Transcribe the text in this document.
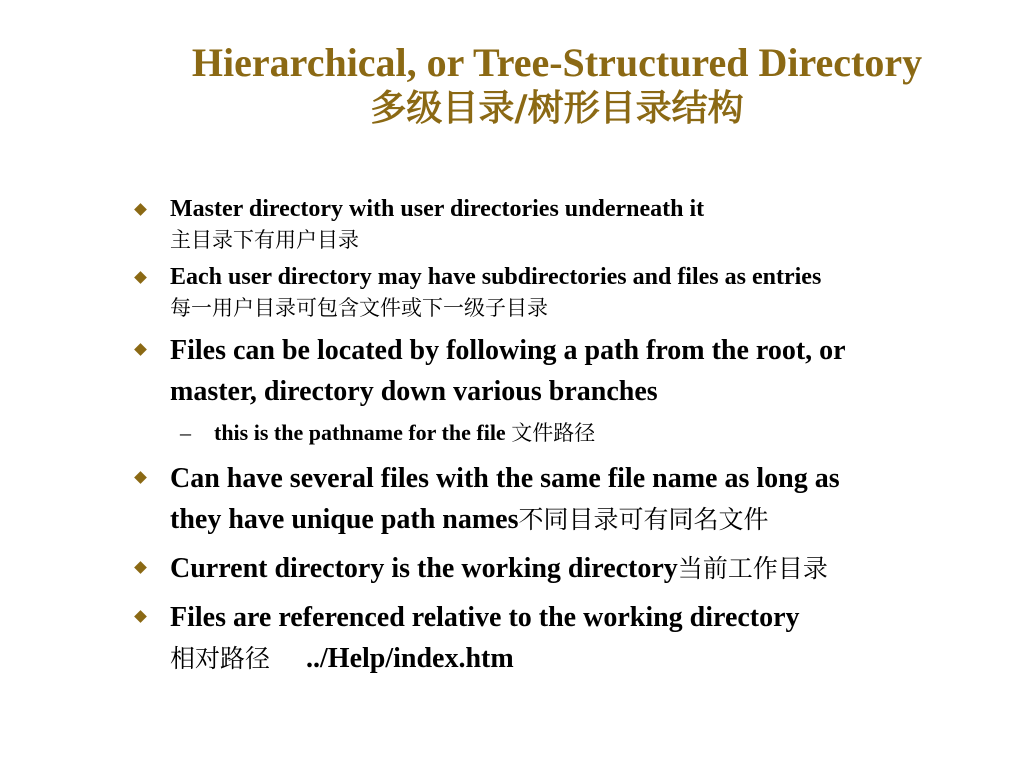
Hierarchical, or Tree-Structured Directory
多级目录/树形目录结构
Master directory with user directories underneath it
主目录下有用户目录
Each user directory may have subdirectories and files as entries
每一用户目录可包含文件或下一级子目录
Files can be located by following a path from the root, or
master, directory down various branches
– this is the pathname for the file 文件路径
Can have several files with the same file name as long as
they have unique path names不同目录可有同名文件
Current directory is the working directory当前工作目录
Files are referenced relative to the working directory
相对路径 ../Help/index.htm
